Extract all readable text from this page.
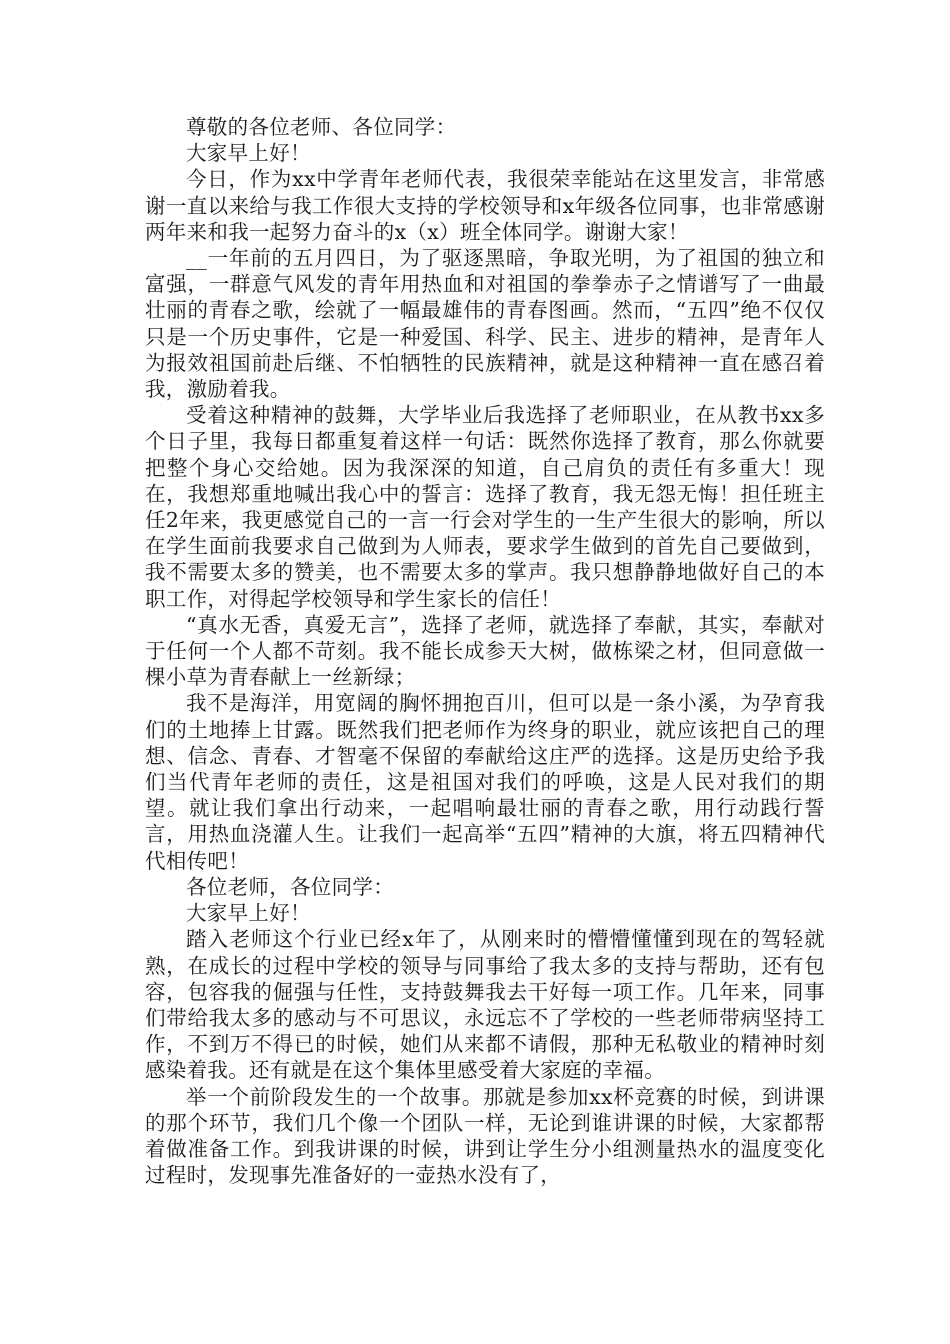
尊敬的各位老师、各位同学：

大家早上好！

今日，作为xx中学青年老师代表，我很荣幸能站在这里发言，非常感谢一直以来给与我工作很大支持的学校领导和x年级各位同事，也非常感谢两年来和我一起努力奋斗的x（x）班全体同学。谢谢大家！

__一年前的五月四日，为了驱逐黑暗，争取光明，为了祖国的独立和富强，一群意气风发的青年用热血和对祖国的拳拳赤子之情谱写了一曲最壮丽的青春之歌，绘就了一幅最雄伟的青春图画。然而，“五四”绝不仅仅只是一个历史事件，它是一种爱国、科学、民主、进步的精神，是青年人为报效祖国前赴后继、不怕牺牲的民族精神，就是这种精神一直在感召着我，激励着我。

受着这种精神的鼓舞，大学毕业后我选择了老师职业，在从教书xx多个日子里，我每日都重复着这样一句话：既然你选择了教育，那么你就要把整个身心交给她。因为我深深的知道，自己肩负的责任有多重大！现在，我想郑重地喊出我心中的誓言：选择了教育，我无怨无悔！担任班主任2年来，我更感觉自己的一言一行会对学生的一生产生很大的影响，所以在学生面前我要求自己做到为人师表，要求学生做到的首先自己要做到，我不需要太多的赞美，也不需要太多的掌声。我只想静静地做好自己的本职工作，对得起学校领导和学生家长的信任！

“真水无香，真爱无言”，选择了老师，就选择了奉献，其实，奉献对于任何一个人都不苛刻。我不能长成参天大树，做栋梁之材，但同意做一棵小草为青春献上一丝新绿；

我不是海洋，用宽阔的胸怀拥抱百川，但可以是一条小溪，为孕育我们的土地捧上甘露。既然我们把老师作为终身的职业，就应该把自己的理想、信念、青春、才智毫不保留的奉献给这庄严的选择。这是历史给予我们当代青年老师的责任，这是祖国对我们的呼唤，这是人民对我们的期望。就让我们拿出行动来，一起唱响最壮丽的青春之歌，用行动践行誓言，用热血浇灌人生。让我们一起高举“五四”精神的大旗，将五四精神代代相传吧！

各位老师，各位同学：

大家早上好！

踏入老师这个行业已经x年了，从刚来时的懵懵懂懂到现在的驾轻就熟，在成长的过程中学校的领导与同事给了我太多的支持与帮助，还有包容，包容我的倔强与任性，支持鼓舞我去干好每一项工作。几年来，同事们带给我太多的感动与不可思议，永远忘不了学校的一些老师带病坚持工作，不到万不得已的时候，她们从来都不请假，那种无私敬业的精神时刻感染着我。还有就是在这个集体里感受着大家庭的幸福。

举一个前阶段发生的一个故事。那就是参加xx杯竞赛的时候，到讲课的那个环节，我们几个像一个团队一样，无论到谁讲课的时候，大家都帮着做准备工作。到我讲课的时候，讲到让学生分小组测量热水的温度变化过程时，发现事先准备好的一壶热水没有了，
